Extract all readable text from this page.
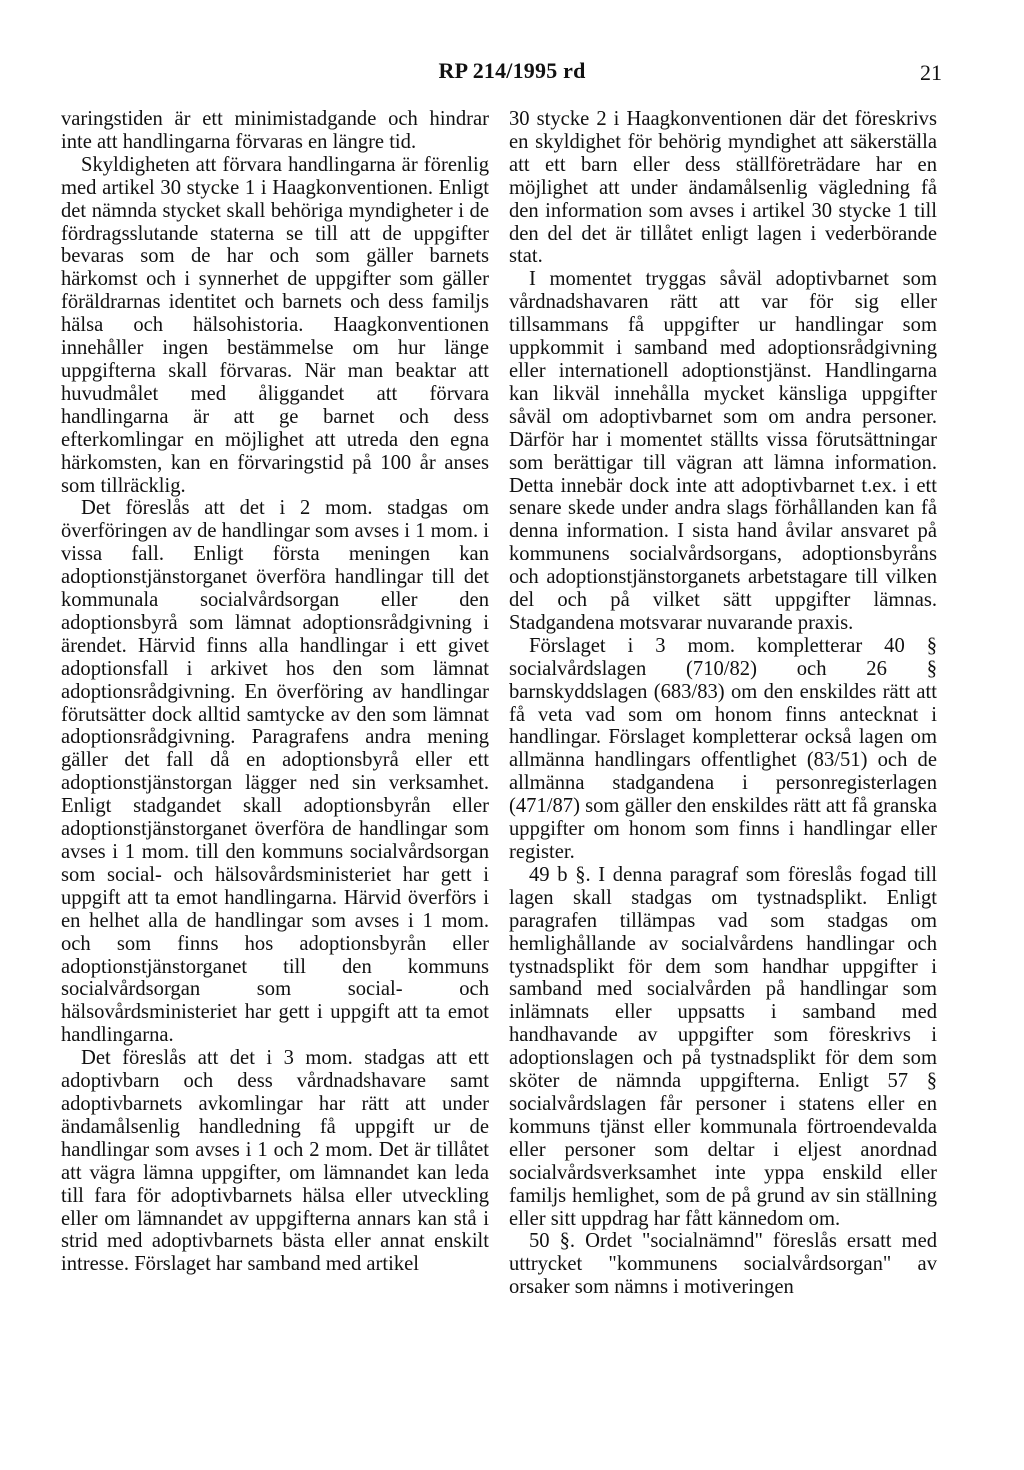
RP 214/1995 rd	21

varingstiden är ett minimistadgande och hindrar inte att handlingarna förvaras en längre tid.

Skyldigheten att förvara handlingarna är förenlig med artikel 30 stycke 1 i Haagkonventionen. Enligt det nämnda stycket skall behöriga myndigheter i de fördragsslutande staterna se till att de uppgifter bevaras som de har och som gäller barnets härkomst och i synnerhet de uppgifter som gäller föräldrarnas identitet och barnets och dess familjs hälsa och hälsohistoria. Haagkonventionen innehåller ingen bestämmelse om hur länge uppgifterna skall förvaras. När man beaktar att huvudmålet med åliggandet att förvara handlingarna är att ge barnet och dess efterkomlingar en möjlighet att utreda den egna härkomsten, kan en förvaringstid på 100 år anses som tillräcklig.

Det föreslås att det i 2 mom. stadgas om överföringen av de handlingar som avses i 1 mom. i vissa fall. Enligt första meningen kan adoptionstjänstorganet överföra handlingar till det kommunala socialvårdsorgan eller den adoptionsbyrå som lämnat adoptionsrådgivning i ärendet. Härvid finns alla handlingar i ett givet adoptionsfall i arkivet hos den som lämnat adoptionsrådgivning. En överföring av handlingar förutsätter dock alltid samtycke av den som lämnat adoptionsrådgivning. Paragrafens andra mening gäller det fall då en adoptionsbyrå eller ett adoptionstjänstorgan lägger ned sin verksamhet. Enligt stadgandet skall adoptionsbyrån eller adoptionstjänstorganet överföra de handlingar som avses i 1 mom. till den kommuns socialvårdsorgan som social- och hälsovårdsministeriet har gett i uppgift att ta emot handlingarna. Härvid överförs i en helhet alla de handlingar som avses i 1 mom. och som finns hos adoptionsbyrån eller adoptionstjänstorganet till den kommuns socialvårdsorgan som social- och hälsovårdsministeriet har gett i uppgift att ta emot handlingarna.

Det föreslås att det i 3 mom. stadgas att ett adoptivbarn och dess vårdnadshavare samt adoptivbarnets avkomlingar har rätt att under ändamålsenlig handledning få uppgift ur de handlingar som avses i 1 och 2 mom. Det är tillåtet att vägra lämna uppgifter, om lämnandet kan leda till fara för adoptivbarnets hälsa eller utveckling eller om lämnandet av uppgifterna annars kan stå i strid med adoptivbarnets bästa eller annat enskilt intresse. Förslaget har samband med artikel

30 stycke 2 i Haagkonventionen där det föreskrivs en skyldighet för behörig myndighet att säkerställa att ett barn eller dess ställföreträdare har en möjlighet att under ändamålsenlig vägledning få den information som avses i artikel 30 stycke 1 till den del det är tillåtet enligt lagen i vederbörande stat.

I momentet tryggas såväl adoptivbarnet som vårdnadshavaren rätt att var för sig eller tillsammans få uppgifter ur handlingar som uppkommit i samband med adoptionsrådgivning eller internationell adoptionstjänst. Handlingarna kan likväl innehålla mycket känsliga uppgifter såväl om adoptivbarnet som om andra personer. Därför har i momentet ställts vissa förutsättningar som berättigar till vägran att lämna information. Detta innebär dock inte att adoptivbarnet t.ex. i ett senare skede under andra slags förhållanden kan få denna information. I sista hand åvilar ansvaret på kommunens socialvårdsorgans, adoptionsbyråns och adoptionstjänstorganets arbetstagare till vilken del och på vilket sätt uppgifter lämnas. Stadgandena motsvarar nuvarande praxis.

Förslaget i 3 mom. kompletterar 40 § socialvårdslagen (710/82) och 26 § barnskyddslagen (683/83) om den enskildes rätt att få veta vad som om honom finns antecknat i handlingar. Förslaget kompletterar också lagen om allmänna handlingars offentlighet (83/51) och de allmänna stadgandena i personregisterlagen (471/87) som gäller den enskildes rätt att få granska uppgifter om honom som finns i handlingar eller register.

49 b §. I denna paragraf som föreslås fogad till lagen skall stadgas om tystnadsplikt. Enligt paragrafen tillämpas vad som stadgas om hemlighållande av socialvårdens handlingar och tystnadsplikt för dem som handhar uppgifter i samband med socialvården på handlingar som inlämnats eller uppsatts i samband med handhavande av uppgifter som föreskrivs i adoptionslagen och på tystnadsplikt för dem som sköter de nämnda uppgifterna. Enligt 57 § socialvårdslagen får personer i statens eller en kommuns tjänst eller kommunala förtroendevalda eller personer som deltar i eljest anordnad socialvårdsverksamhet inte yppa enskild eller familjs hemlighet, som de på grund av sin ställning eller sitt uppdrag har fått kännedom om.

50 §. Ordet "socialnämnd" föreslås ersatt med uttrycket "kommunens socialvårdsorgan" av orsaker som nämns i motiveringen
